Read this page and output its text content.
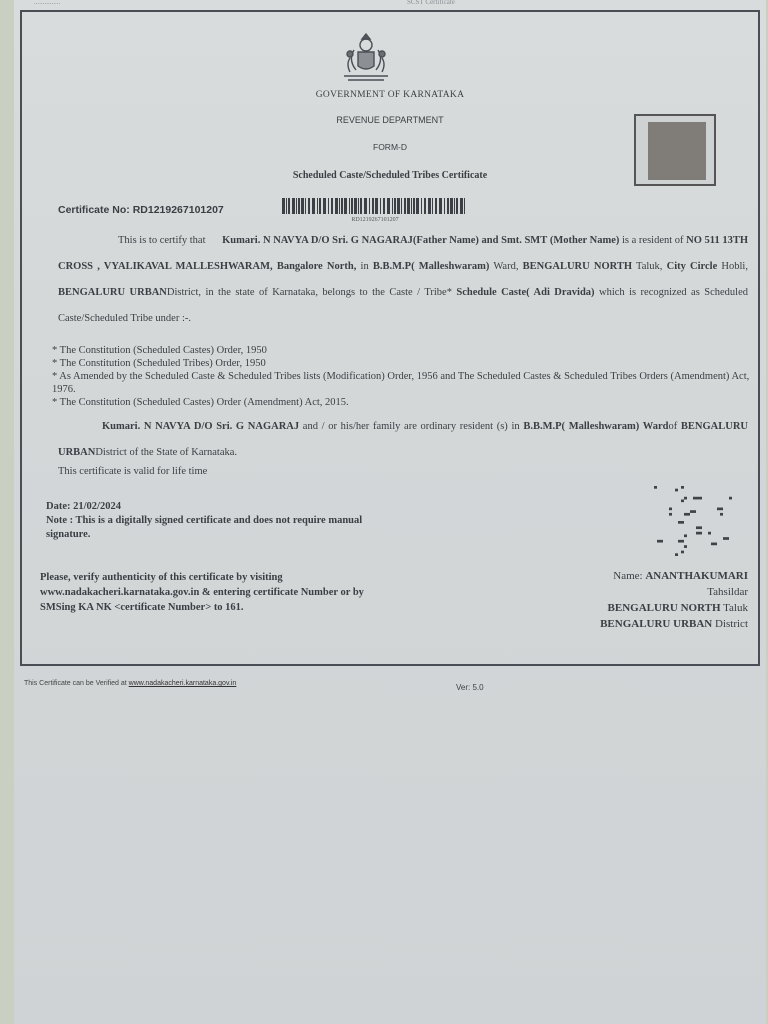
...............	SCST Certificate
GOVERNMENT OF KARNATAKA
REVENUE DEPARTMENT
FORM-D
Scheduled Caste/Scheduled Tribes Certificate
Certificate No: RD1219267101207
RD1219267101207
This is to certify that Kumari. N NAVYA D/O Sri. G NAGARAJ(Father Name) and Smt. SMT (Mother Name) is a resident of NO 511 13TH CROSS , VYALIKAVAL MALLESHWARAM, Bangalore North, in B.B.M.P( Malleshwaram) Ward, BENGALURU NORTH Taluk, City Circle Hobli, BENGALURU URBANDistrict, in the state of Karnataka, belongs to the Caste / Tribe* Schedule Caste( Adi Dravida) which is recognized as Scheduled Caste/Scheduled Tribe under :-.
* The Constitution (Scheduled Castes) Order, 1950
* The Constitution (Scheduled Tribes) Order, 1950
* As Amended by the Scheduled Caste & Scheduled Tribes lists (Modification) Order, 1956 and The Scheduled Castes & Scheduled Tribes Orders (Amendment) Act, 1976.
* The Constitution (Scheduled Castes) Order (Amendment) Act, 2015.
Kumari. N NAVYA D/O Sri. G NAGARAJ and / or his/her family are ordinary resident (s) in B.B.M.P( Malleshwaram) Wardof BENGALURU URBANDistrict of the State of Karnataka.
This certificate is valid for life time
Date: 21/02/2024
Note : This is a digitally signed certificate and does not require manual signature.
Please, verify authenticity of this certificate by visiting www.nadakacheri.karnataka.gov.in & entering certificate Number or by SMSing KA NK <certificate Number> to 161.
Name: ANANTHAKUMARI
Tahsildar
BENGALURU NORTH Taluk
BENGALURU URBAN District
This Certificate can be Verified at www.nadakacheri.karnataka.gov.in	Ver: 5.0
